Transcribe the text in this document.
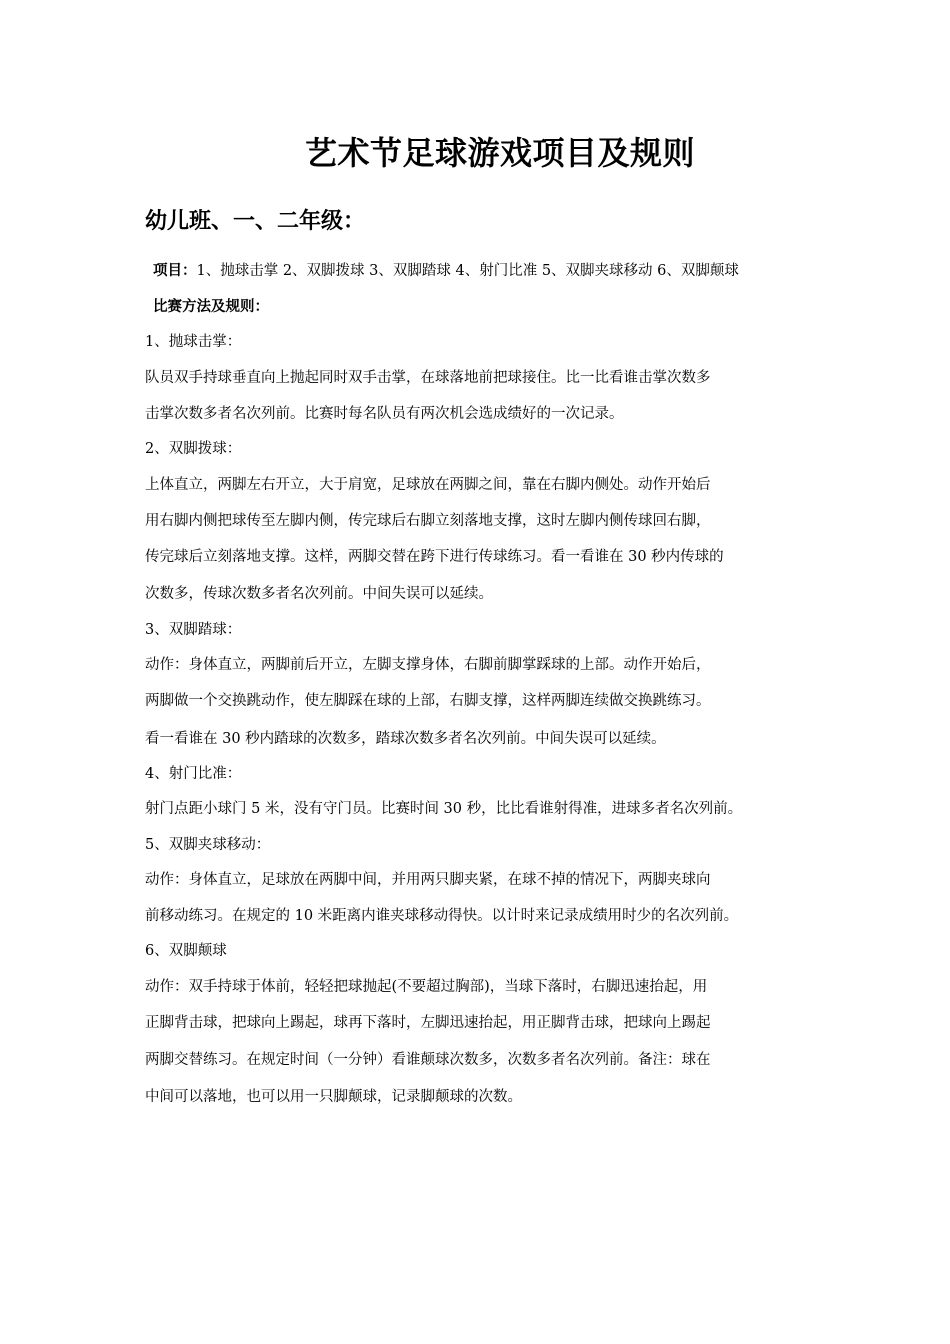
艺术节足球游戏项目及规则
幼儿班、一、二年级：
项目：1、抛球击掌 2、双脚拨球 3、双脚踏球 4、射门比准 5、双脚夹球移动 6、双脚颠球
比赛方法及规则：
1、抛球击掌：
队员双手持球垂直向上抛起同时双手击掌，在球落地前把球接住。比一比看谁击掌次数多
击掌次数多者名次列前。比赛时每名队员有两次机会选成绩好的一次记录。
2、双脚拨球：
上体直立，两脚左右开立，大于肩宽，足球放在两脚之间，靠在右脚内侧处。动作开始后
用右脚内侧把球传至左脚内侧，传完球后右脚立刻落地支撑，这时左脚内侧传球回右脚，
传完球后立刻落地支撑。这样，两脚交替在跨下进行传球练习。看一看谁在 30 秒内传球的
次数多，传球次数多者名次列前。中间失误可以延续。
3、双脚踏球：
动作：身体直立，两脚前后开立，左脚支撑身体，右脚前脚掌踩球的上部。动作开始后，
两脚做一个交换跳动作，使左脚踩在球的上部，右脚支撑，这样两脚连续做交换跳练习。
看一看谁在 30 秒内踏球的次数多，踏球次数多者名次列前。中间失误可以延续。
4、射门比准：
射门点距小球门 5 米，没有守门员。比赛时间 30 秒，比比看谁射得准，进球多者名次列前。
5、双脚夹球移动：
动作：身体直立，足球放在两脚中间，并用两只脚夹紧，在球不掉的情况下，两脚夹球向
前移动练习。在规定的 10 米距离内谁夹球移动得快。以计时来记录成绩用时少的名次列前。
6、双脚颠球
动作：双手持球于体前，轻轻把球抛起(不要超过胸部)，当球下落时，右脚迅速抬起，用
正脚背击球，把球向上踢起，球再下落时，左脚迅速抬起，用正脚背击球，把球向上踢起
两脚交替练习。在规定时间（一分钟）看谁颠球次数多，次数多者名次列前。备注：球在
中间可以落地，也可以用一只脚颠球，记录脚颠球的次数。
